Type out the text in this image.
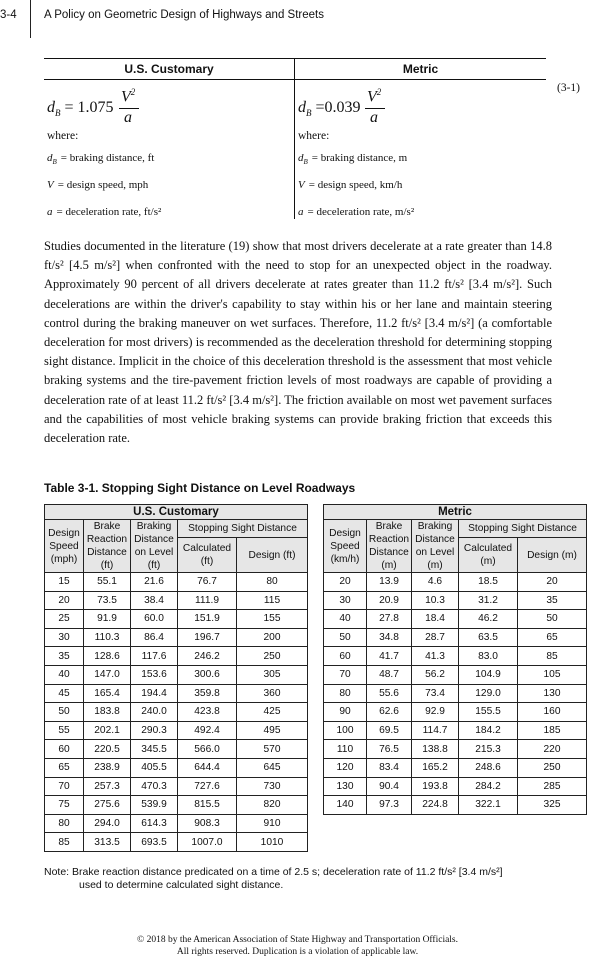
3-4 A Policy on Geometric Design of Highways and Streets
U.S. Customary
$d_B = 1.075$
$V^2$
a
where:
$d_B$ = braking distance, ft
V = design speed, mph
a = deceleration rate, ft/s²
Metric
$d_B =0.039$
$V^2$
a
where:
$d_B$ = braking distance, m
V = design speed, km/h
a = deceleration rate, m/s²
(3-1)
Studies documented in the literature (19) show that most drivers decelerate at a rate greater than 14.8 ft/s² [4.5 m/s²] when confronted with the need to stop for an unexpected object in the roadway. Approximately 90 percent of all drivers decelerate at rates greater than 11.2 ft/s² [3.4 m/s²]. Such decelerations are within the driver's capability to stay within his or her lane and maintain steering control during the braking maneuver on wet surfaces. Therefore, 11.2 ft/s² [3.4 m/s²] (a comfortable deceleration for most drivers) is recommended as the deceleration threshold for determining stopping sight distance. Implicit in the choice of this deceleration threshold is the assessment that most vehicle braking systems and the tire-pavement friction levels of most roadways are capable of providing a deceleration rate of at least 11.2 ft/s² [3.4 m/s²]. The friction available on most wet pavement surfaces and the capabilities of most vehicle braking systems can provide braking friction that exceeds this deceleration rate.
Table 3-1. Stopping Sight Distance on Level Roadways
U.S. Customary				
Design Speed (mph)	Brake Reaction Distance (ft)	Braking Distance on Level (ft)	Stopping Sight Distance	
			Calculated (ft)	Design (ft)
15	55.1	21.6	76.7	80
20	73.5	38.4	111.9	115
25	91.9	60.0	151.9	155
30	110.3	86.4	196.7	200
35	128.6	117.6	246.2	250
40	147.0	153.6	300.6	305
45	165.4	194.4	359.8	360
50	183.8	240.0	423.8	425
55	202.1	290.3	492.4	495
60	220.5	345.5	566.0	570
65	238.9	405.5	644.4	645
70	257.3	470.3	727.6	730
75	275.6	539.9	815.5	820
80	294.0	614.3	908.3	910
85	313.5	693.5	1007.0	1010
Metric				
Design Speed (km/h)	Brake Reaction Distance (m)	Braking Distance on Level (m)	Stopping Sight Distance	
			Calculated (m)	Design (m)
20	13.9	4.6	18.5	20
30	20.9	10.3	31.2	35
40	27.8	18.4	46.2	50
50	34.8	28.7	63.5	65
60	41.7	41.3	83.0	85
70	48.7	56.2	104.9	105
80	55.6	73.4	129.0	130
90	62.6	92.9	155.5	160
100	69.5	114.7	184.2	185
110	76.5	138.8	215.3	220
120	83.4	165.2	248.6	250
130	90.4	193.8	284.2	285
140	97.3	224.8	322.1	325
Note: Brake reaction distance predicated on a time of 2.5 s; deceleration rate of 11.2 ft/s² [3.4 m/s²]
used to determine calculated sight distance.
© 2018 by the American Association of State Highway and Transportation Officials.
All rights reserved. Duplication is a violation of applicable law.
